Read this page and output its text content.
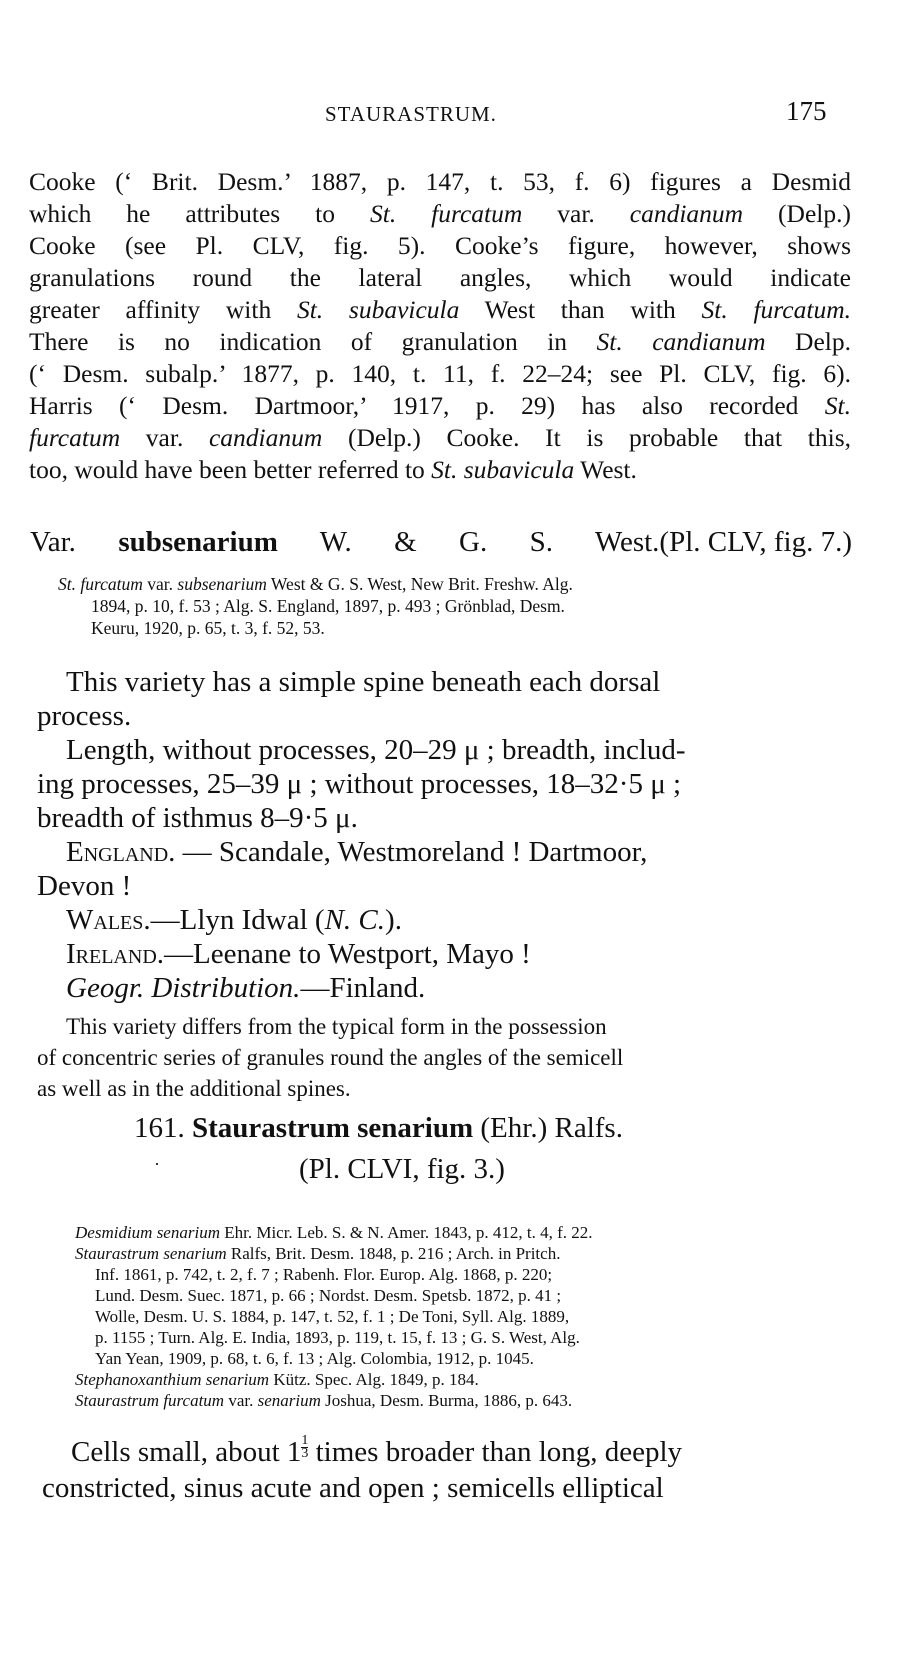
STAURASTRUM.	175
Cooke (‘ Brit. Desm.’ 1887, p. 147, t. 53, f. 6) figures a Desmid
which he attributes to St. furcatum var. candianum (Delp.)
Cooke (see Pl. CLV, fig. 5). Cooke’s figure, however, shows
granulations round the lateral angles, which would indicate
greater affinity with St. subavicula West than with St. furcatum.
There is no indication of granulation in St. candianum Delp.
(‘ Desm. subalp.’ 1877, p. 140, t. 11, f. 22–24; see Pl. CLV, fig. 6).
Harris (‘ Desm. Dartmoor,’ 1917, p. 29) has also recorded St.
furcatum var. candianum (Delp.) Cooke. It is probable that this,
too, would have been better referred to St. subavicula West.
Var. subsenarium W. & G. S. West. (Pl. CLV, fig. 7.)
St. furcatum var. subsenarium West & G. S. West, New Brit. Freshw. Alg.
1894, p. 10, f. 53 ; Alg. S. England, 1897, p. 493 ; Grönblad, Desm.
Keuru, 1920, p. 65, t. 3, f. 52, 53.
This variety has a simple spine beneath each dorsal
process.
Length, without processes, 20–29 μ ; breadth, includ-
ing processes, 25–39 μ ; without processes, 18–32·5 μ ;
breadth of isthmus 8–9·5 μ.
England. — Scandale, Westmoreland ! Dartmoor,
Devon !
Wales.—Llyn Idwal (N. C.).
Ireland.—Leenane to Westport, Mayo !
Geogr. Distribution.—Finland.
This variety differs from the typical form in the possession
of concentric series of granules round the angles of the semicell
as well as in the additional spines.
161. Staurastrum senarium (Ehr.) Ralfs.
·	(Pl. CLVI, fig. 3.)
Desmidium senarium Ehr. Micr. Leb. S. & N. Amer. 1843, p. 412, t. 4, f. 22.
Staurastrum senarium Ralfs, Brit. Desm. 1848, p. 216 ; Arch. in Pritch.
Inf. 1861, p. 742, t. 2, f. 7 ; Rabenh. Flor. Europ. Alg. 1868, p. 220;
Lund. Desm. Suec. 1871, p. 66 ; Nordst. Desm. Spetsb. 1872, p. 41 ;
Wolle, Desm. U. S. 1884, p. 147, t. 52, f. 1 ; De Toni, Syll. Alg. 1889,
p. 1155 ; Turn. Alg. E. India, 1893, p. 119, t. 15, f. 13 ; G. S. West, Alg.
Yan Yean, 1909, p. 68, t. 6, f. 13 ; Alg. Colombia, 1912, p. 1045.
Stephanoxanthium senarium Kütz. Spec. Alg. 1849, p. 184.
Staurastrum furcatum var. senarium Joshua, Desm. Burma, 1886, p. 643.
Cells small, about $1 \frac{1}{3}$ times broader than long, deeply
constricted, sinus acute and open ; semicells elliptical
